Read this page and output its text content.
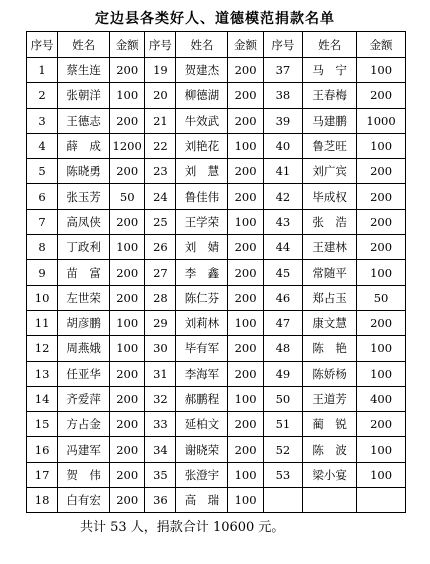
定边县各类好人、道德模范捐款名单
序号	姓名	金额	序号	姓名	金额	序号	姓名	金额
1	蔡生连	200	19	贺建杰	200	37	马　宁	100
2	张朝洋	100	20	柳德湖	200	38	王春梅	200
3	王德志	200	21	牛效武	200	39	马建鹏	1000
4	薛　成	1200	22	刘艳花	100	40	鲁芝旺	100
5	陈晓勇	200	23	刘　慧	200	41	刘广宾	200
6	张玉芳	50	24	鲁佳伟	200	42	毕成权	200
7	高凤侠	200	25	王学荣	100	43	张　浩	200
8	丁政利	100	26	刘　婧	200	44	王建林	200
9	苗　富	200	27	李　鑫	200	45	常随平	100
10	左世荣	200	28	陈仁芬	200	46	郑占玉	50
11	胡彦鹏	100	29	刘莉林	100	47	康文慧	200
12	周燕娥	100	30	毕有军	200	48	陈　艳	100
13	任亚华	200	31	李海军	200	49	陈娇杨	100
14	齐爱萍	200	32	郝鹏程	100	50	王道芳	400
15	方占金	200	33	延柏文	200	51	蔺　锐	200
16	冯建军	200	34	谢晓荣	200	52	陈　波	100
17	贺　伟	200	35	张澄宇	100	53	梁小宴	100
18	白有宏	200	36	高　瑞	100			
共计 53 人，捐款合计 10600 元。
